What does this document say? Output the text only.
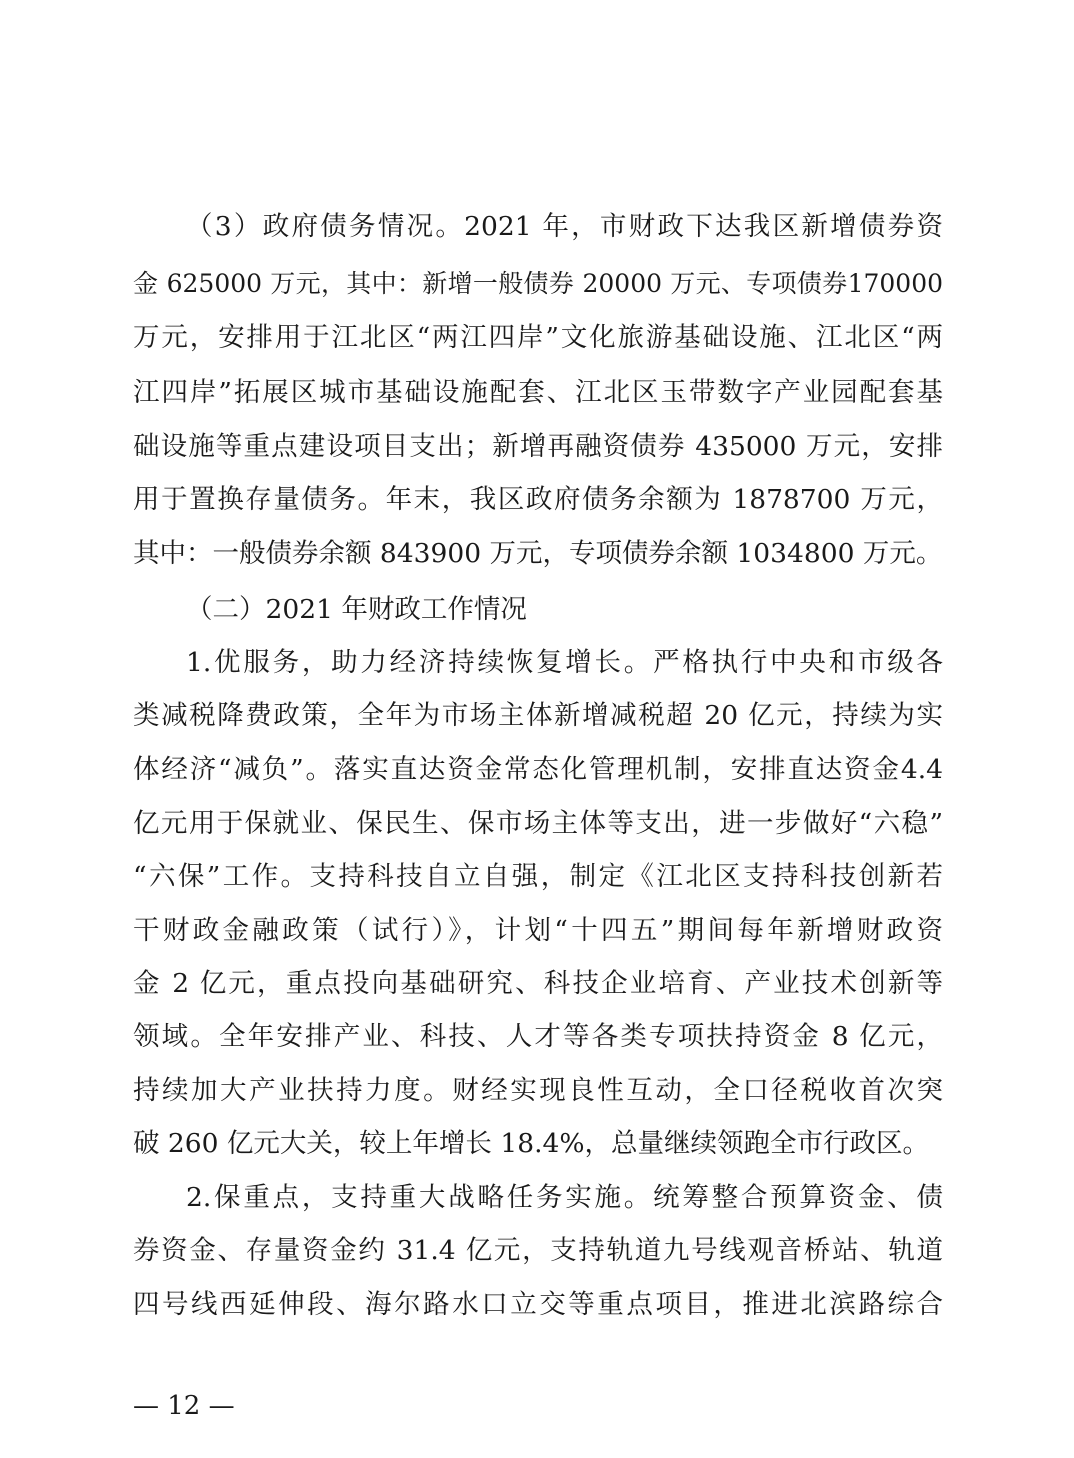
（3）政府债务情况。2021 年，市财政下达我区新增债券资
金 625000 万元，其中：新增一般债券 20000 万元、专项债券170000
万元，安排用于江北区“两江四岸”文化旅游基础设施、江北区“两
江四岸”拓展区城市基础设施配套、江北区玉带数字产业园配套基
础设施等重点建设项目支出；新增再融资债券 435000 万元，安排
用于置换存量债务。年末，我区政府债务余额为 1878700 万元，
其中：一般债券余额 843900 万元，专项债券余额 1034800 万元。
（二）2021 年财政工作情况
1.优服务，助力经济持续恢复增长。严格执行中央和市级各
类减税降费政策，全年为市场主体新增减税超 20 亿元，持续为实
体经济“减负”。落实直达资金常态化管理机制，安排直达资金4.4
亿元用于保就业、保民生、保市场主体等支出，进一步做好“六稳”
“六保”工作。支持科技自立自强，制定《江北区支持科技创新若
干财政金融政策（试行）》，计划“十四五”期间每年新增财政资
金 2 亿元，重点投向基础研究、科技企业培育、产业技术创新等
领域。全年安排产业、科技、人才等各类专项扶持资金 8 亿元，
持续加大产业扶持力度。财经实现良性互动，全口径税收首次突
破 260 亿元大关，较上年增长 18.4%，总量继续领跑全市行政区。
2.保重点，支持重大战略任务实施。统筹整合预算资金、债
券资金、存量资金约 31.4 亿元，支持轨道九号线观音桥站、轨道
四号线西延伸段、海尔路水口立交等重点项目，推进北滨路综合
— 12 —
